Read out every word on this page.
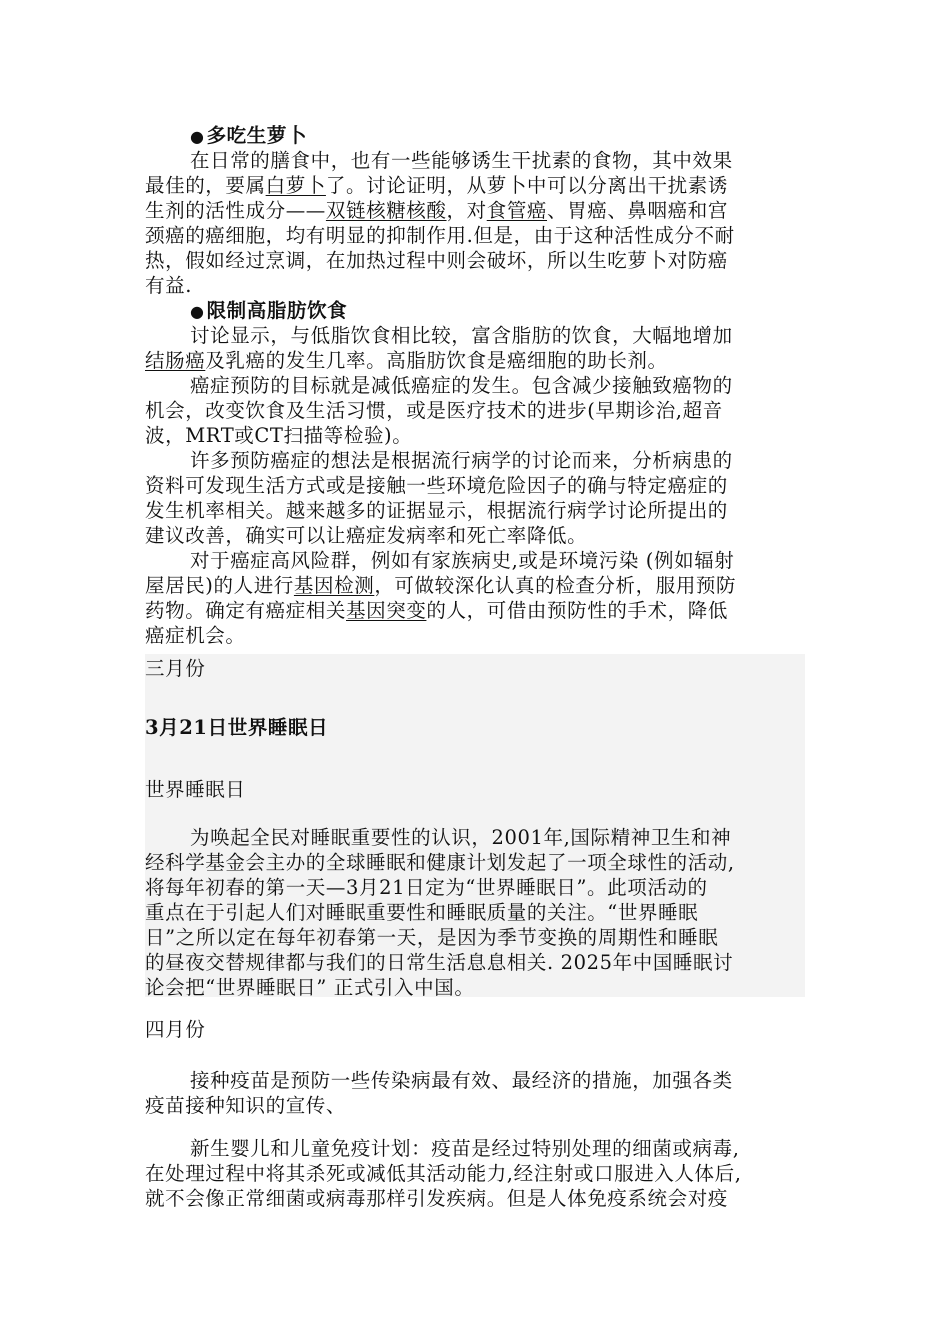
● 多吃生萝卜
在日常的膳食中，也有一些能够诱生干扰素的食物，其中效果
最佳的，要属白萝卜了。讨论证明，从萝卜中可以分离出干扰素诱
生剂的活性成分——双链核糖核酸，对食管癌、胃癌、鼻咽癌和宫
颈癌的癌细胞，均有明显的抑制作用.但是，由于这种活性成分不耐
热，假如经过烹调，在加热过程中则会破坏，所以生吃萝卜对防癌
有益.
● 限制高脂肪饮食
讨论显示，与低脂饮食相比较，富含脂肪的饮食，大幅地增加
结肠癌及乳癌的发生几率。高脂肪饮食是癌细胞的助长剂。
癌症预防的目标就是减低癌症的发生。包含减少接触致癌物的
机会，改变饮食及生活习惯，或是医疗技术的进步(早期诊治,超音
波，MRT或CT扫描等检验)。
许多预防癌症的想法是根据流行病学的讨论而来，分析病患的
资料可发现生活方式或是接触一些环境危险因子的确与特定癌症的
发生机率相关。越来越多的证据显示，根据流行病学讨论所提出的
建议改善，确实可以让癌症发病率和死亡率降低。
对于癌症高风险群，例如有家族病史,或是环境污染 (例如辐射
屋居民)的人进行基因检测，可做较深化认真的检查分析，服用预防
药物。确定有癌症相关基因突变的人，可借由预防性的手术，降低
癌症机会。
三月份
3月21日世界睡眠日
世界睡眠日
为唤起全民对睡眠重要性的认识，2001年,国际精神卫生和神
经科学基金会主办的全球睡眠和健康计划发起了一项全球性的活动,
将每年初春的第一天—3月21日定为“世界睡眠日”。此项活动的
重点在于引起人们对睡眠重要性和睡眠质量的关注。“世界睡眠
日”之所以定在每年初春第一天，是因为季节变换的周期性和睡眠
的昼夜交替规律都与我们的日常生活息息相关. 2025年中国睡眠讨
论会把“世界睡眠日” 正式引入中国。
四月份
接种疫苗是预防一些传染病最有效、最经济的措施，加强各类
疫苗接种知识的宣传、
新生婴儿和儿童免疫计划：疫苗是经过特别处理的细菌或病毒,
在处理过程中将其杀死或减低其活动能力,经注射或口服进入人体后,
就不会像正常细菌或病毒那样引发疾病。但是人体免疫系统会对疫
